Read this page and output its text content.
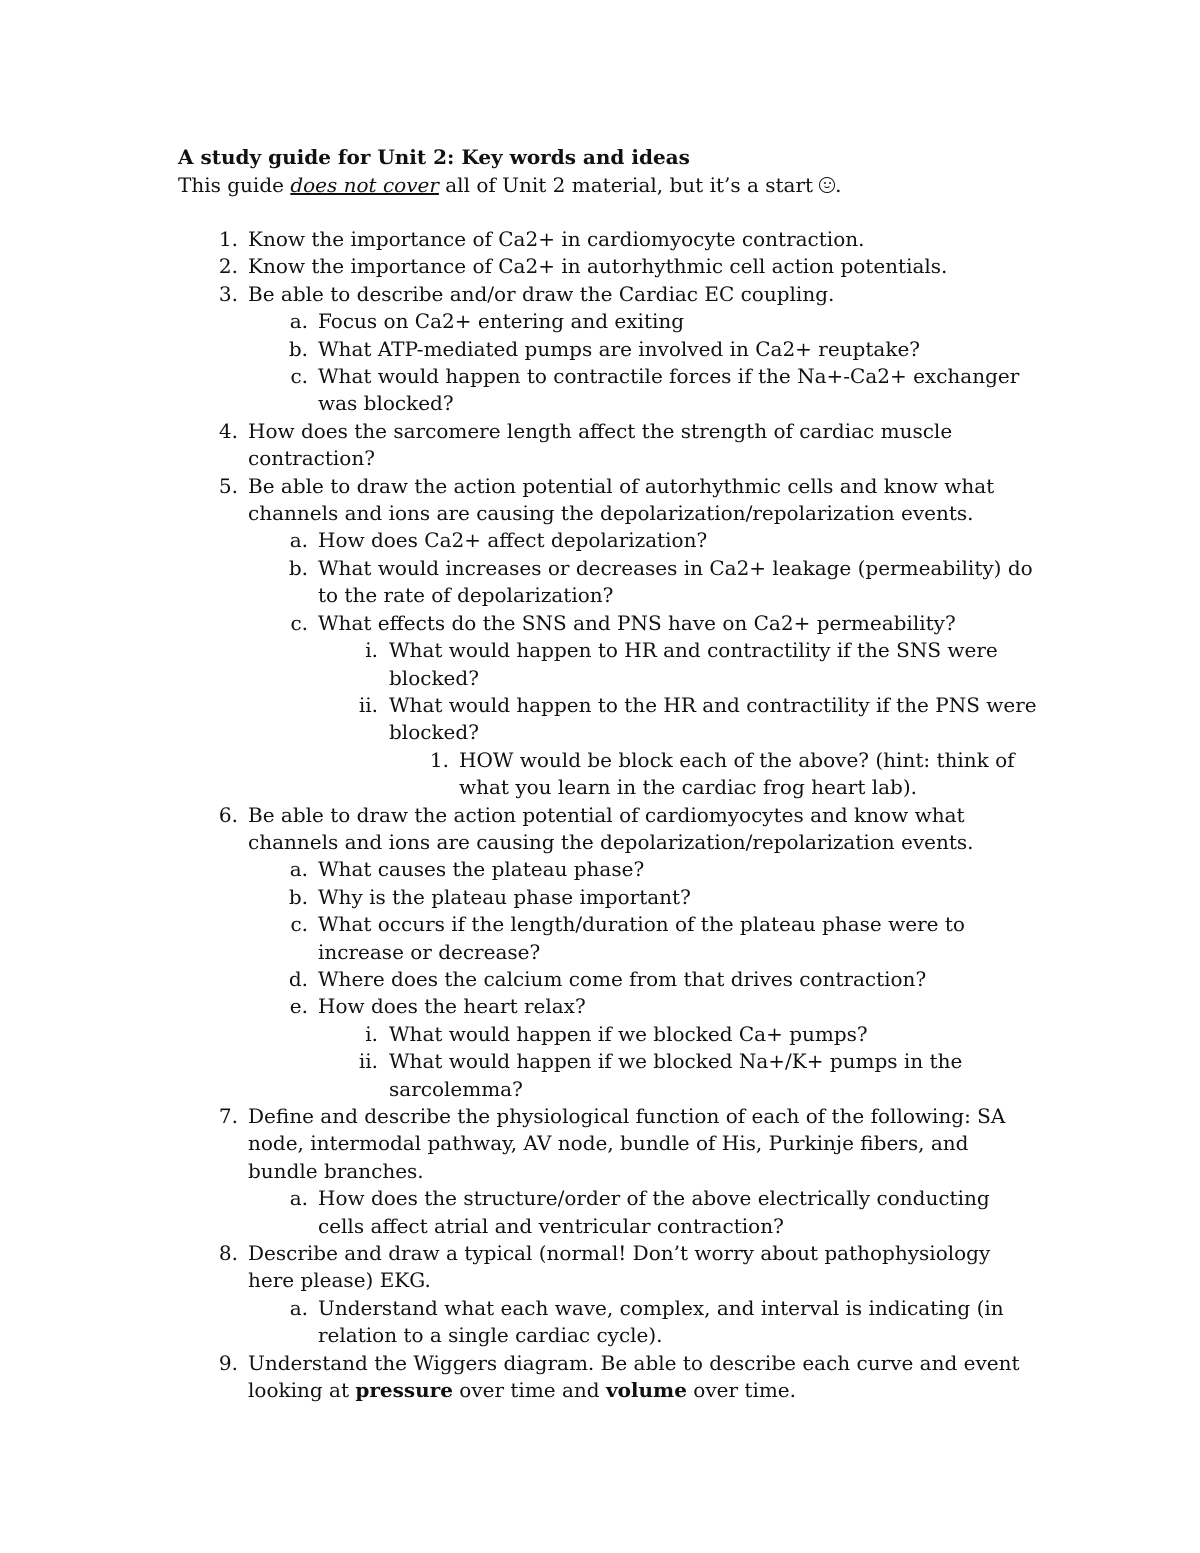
A study guide for Unit 2: Key words and ideas
This guide does not cover all of Unit 2 material, but it’s a start .
1. Know the importance of Ca2+ in cardiomyocyte contraction.
2. Know the importance of Ca2+ in autorhythmic cell action potentials.
3. Be able to describe and/or draw the Cardiac EC coupling.
a. Focus on Ca2+ entering and exiting
b. What ATP-mediated pumps are involved in Ca2+ reuptake?
c. What would happen to contractile forces if the Na+-Ca2+ exchanger was blocked?
4. How does the sarcomere length affect the strength of cardiac muscle contraction?
5. Be able to draw the action potential of autorhythmic cells and know what channels and ions are causing the depolarization/repolarization events.
a. How does Ca2+ affect depolarization?
b. What would increases or decreases in Ca2+ leakage (permeability) do to the rate of depolarization?
c. What effects do the SNS and PNS have on Ca2+ permeability?
i. What would happen to HR and contractility if the SNS were blocked?
ii. What would happen to the HR and contractility if the PNS were blocked?
1. HOW would be block each of the above? (hint: think of what you learn in the cardiac frog heart lab).
6. Be able to draw the action potential of cardiomyocytes and know what channels and ions are causing the depolarization/repolarization events.
a. What causes the plateau phase?
b. Why is the plateau phase important?
c. What occurs if the length/duration of the plateau phase were to increase or decrease?
d. Where does the calcium come from that drives contraction?
e. How does the heart relax?
i. What would happen if we blocked Ca+ pumps?
ii. What would happen if we blocked Na+/K+ pumps in the sarcolemma?
7. Define and describe the physiological function of each of the following: SA node, intermodal pathway, AV node, bundle of His, Purkinje fibers, and bundle branches.
a. How does the structure/order of the above electrically conducting cells affect atrial and ventricular contraction?
8. Describe and draw a typical (normal! Don’t worry about pathophysiology here please) EKG.
a. Understand what each wave, complex, and interval is indicating (in relation to a single cardiac cycle).
9. Understand the Wiggers diagram. Be able to describe each curve and event looking at pressure over time and volume over time.
